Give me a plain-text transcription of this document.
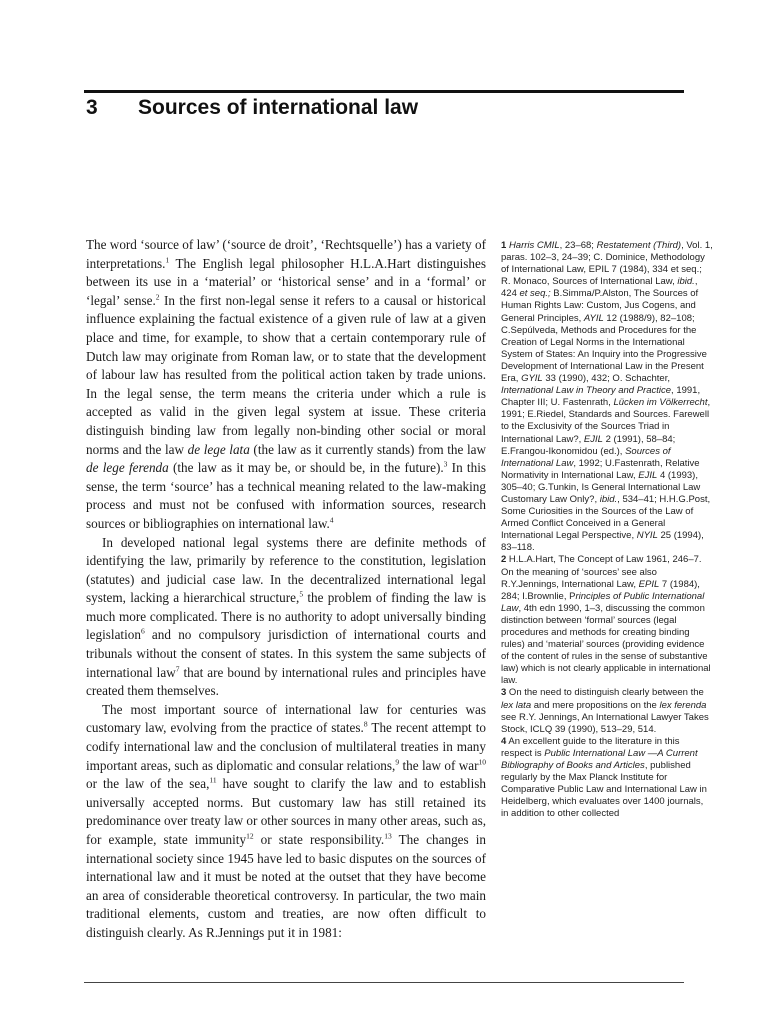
3 Sources of international law

The word ‘source of law’ (‘source de droit’, ‘Rechtsquelle’) has a variety of interpretations.$^1$ The English legal philosopher H.L.A.Hart distinguishes between its use in a ‘material’ or ‘historical sense’ and in a ‘formal’ or ‘legal’ sense.$^2$ In the first non-legal sense it refers to a causal or historical influence explaining the factual existence of a given rule of law at a given place and time, for example, to show that a certain contemporary rule of Dutch law may originate from Roman law, or to state that the development of labour law has resulted from the political action taken by trade unions. In the legal sense, the term means the criteria under which a rule is accepted as valid in the given legal system at issue. These criteria distinguish binding law from legally non-binding other social or moral norms and the law de lege lata (the law as it currently stands) from the law de lege ferenda (the law as it may be, or should be, in the future).$^3$ In this sense, the term ‘source’ has a technical meaning related to the law-making process and must not be confused with information sources, research sources or bibliographies on international law.$^4$

In developed national legal systems there are definite methods of identifying the law, primarily by reference to the constitution, legislation (statutes) and judicial case law. In the decentralized international legal system, lacking a hierarchical structure,$^5$ the problem of finding the law is much more complicated. There is no authority to adopt universally binding legislation$^6$ and no compulsory jurisdiction of international courts and tribunals without the consent of states. In this system the same subjects of international law$^7$ that are bound by international rules and principles have created them themselves.

The most important source of international law for centuries was customary law, evolving from the practice of states.$^8$ The recent attempt to codify international law and the conclusion of multilateral treaties in many important areas, such as diplomatic and consular relations,$^9$ the law of war$^{10}$ or the law of the sea,$^{11}$ have sought to clarify the law and to establish universally accepted norms. But customary law has still retained its predominance over treaty law or other sources in many other areas, such as, for example, state immunity$^{12}$ or state responsibility.$^{13}$ The changes in international society since 1945 have led to basic disputes on the sources of international law and it must be noted at the outset that they have become an area of considerable theoretical controversy. In particular, the two main traditional elements, custom and treaties, are now often difficult to distinguish clearly. As R.Jennings put it in 1981:

1 Harris CMIL, 23–68; Restatement (Third), Vol. 1, paras. 102–3, 24–39; C. Dominice, Methodology of International Law, EPIL 7 (1984), 334 et seq.; R. Monaco, Sources of International Law, ibid., 424 et seq.; B.Simma/P.Alston, The Sources of Human Rights Law: Custom, Jus Cogens, and General Principles, AYIL 12 (1988/9), 82–108; C.Sepúlveda, Methods and Procedures for the Creation of Legal Norms in the International System of States: An Inquiry into the Progressive Development of International Law in the Present Era, GYIL 33 (1990), 432; O. Schachter, International Law in Theory and Practice, 1991, Chapter III; U. Fastenrath, Lücken im Völkerrecht, 1991; E.Riedel, Standards and Sources. Farewell to the Exclusivity of the Sources Triad in International Law?, EJIL 2 (1991), 58–84; E.Frangou-Ikonomidou (ed.), Sources of International Law, 1992; U.Fastenrath, Relative Normativity in International Law, EJIL 4 (1993), 305–40; G.Tunkin, Is General International Law Customary Law Only?, ibid., 534–41; H.H.G.Post, Some Curiosities in the Sources of the Law of Armed Conflict Conceived in a General International Legal Perspective, NYIL 25 (1994), 83–118.

2 H.L.A.Hart, The Concept of Law 1961, 246–7. On the meaning of ‘sources’ see also R.Y.Jennings, International Law, EPIL 7 (1984), 284; I.Brownlie, Principles of Public International Law, 4th edn 1990, 1–3, discussing the common distinction between ‘formal’ sources (legal procedures and methods for creating binding rules) and ‘material’ sources (providing evidence of the content of rules in the sense of substantive law) which is not clearly applicable in international law.

3 On the need to distinguish clearly between the lex lata and mere propositions on the lex ferenda see R.Y. Jennings, An International Lawyer Takes Stock, ICLQ 39 (1990), 513–29, 514.

4 An excellent guide to the literature in this respect is Public International Law —A Current Bibliography of Books and Articles, published regularly by the Max Planck Institute for Comparative Public Law and International Law in Heidelberg, which evaluates over 1400 journals, in addition to other collected
